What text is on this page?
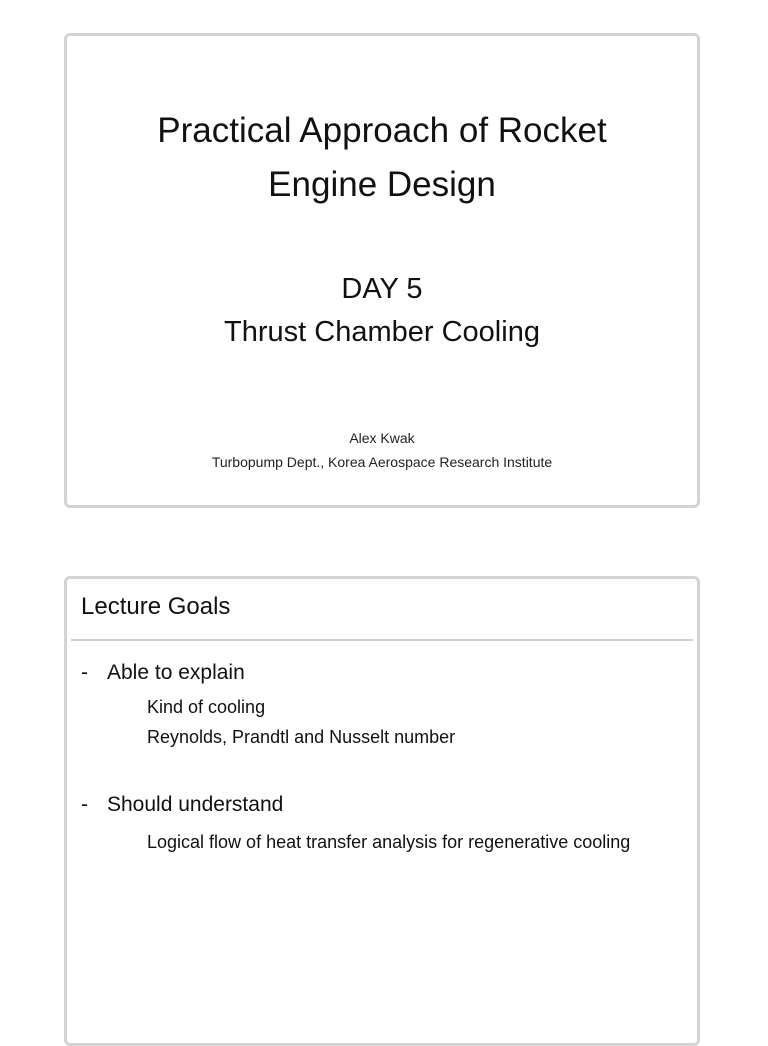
Practical Approach of Rocket
Engine Design
DAY 5
Thrust Chamber Cooling
Alex Kwak
Turbopump Dept., Korea Aerospace Research Institute
Lecture Goals
- Able to explain
Kind of cooling
Reynolds, Prandtl and Nusselt number
- Should understand
Logical flow of heat transfer analysis for regenerative cooling
